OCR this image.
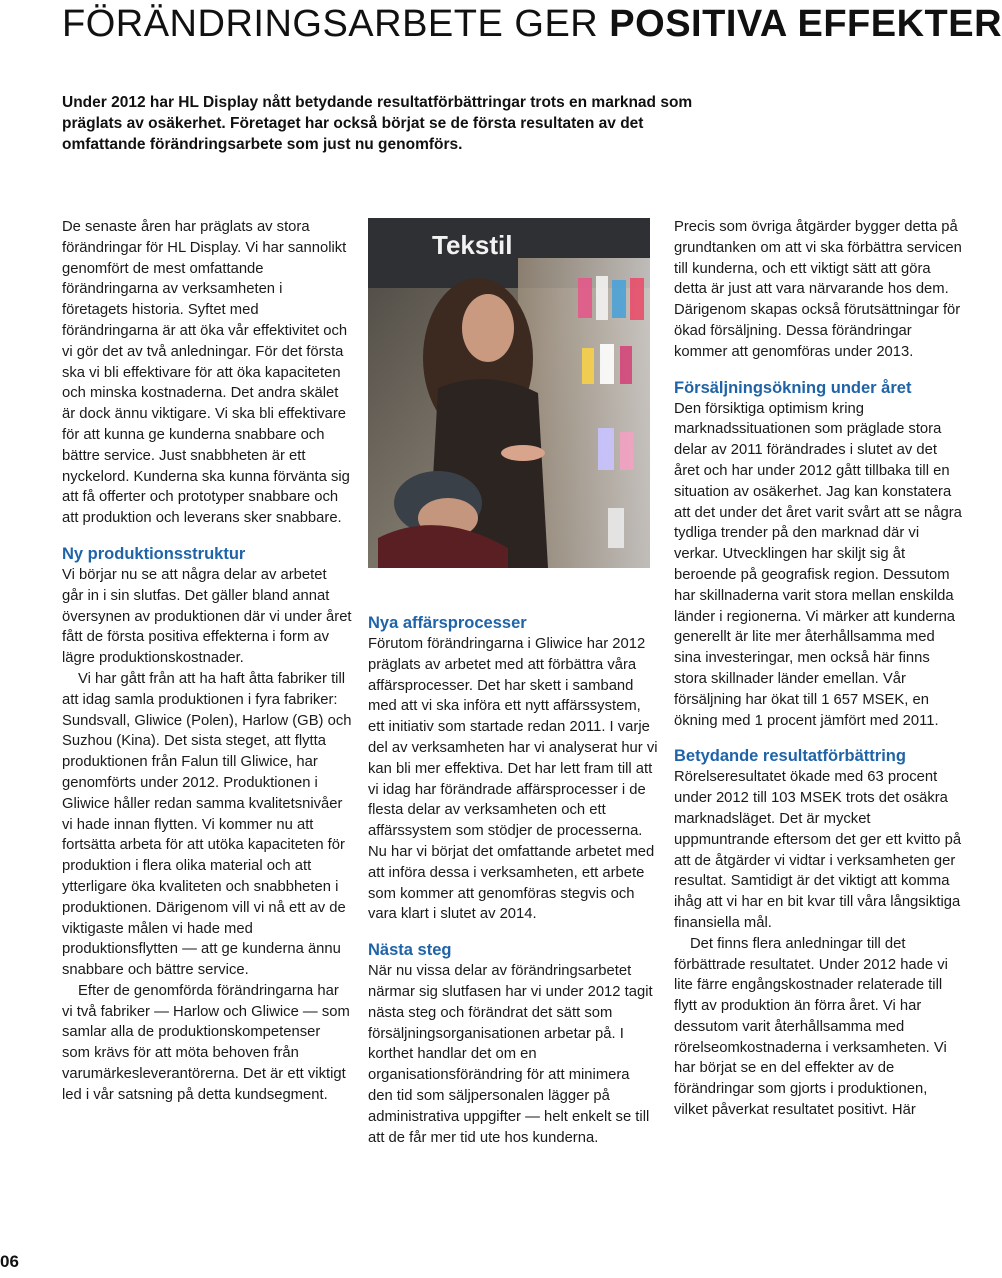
FÖRÄNDRINGSARBETE GER POSITIVA EFFEKTER

Under 2012 har HL Display nått betydande resultatförbättringar trots en marknad som präglats av osäkerhet. Företaget har också börjat se de första resultaten av det omfattande förändringsarbete som just nu genomförs.

De senaste åren har präglats av stora förändringar för HL Display. Vi har sannolikt genomfört de mest omfattande förändringarna av verksamheten i företagets historia. Syftet med förändringarna är att öka vår effektivitet och vi gör det av två anledningar. För det första ska vi bli effektivare för att öka kapaciteten och minska kostnaderna. Det andra skälet är dock ännu viktigare. Vi ska bli effektivare för att kunna ge kunderna snabbare och bättre service. Just snabbheten är ett nyckelord. Kunderna ska kunna förvänta sig att få offerter och prototyper snabbare och att produktion och leverans sker snabbare.

Ny produktionsstruktur

Vi börjar nu se att några delar av arbetet går in i sin slutfas. Det gäller bland annat översynen av produktionen där vi under året fått de första positiva effekterna i form av lägre produktionskostnader.

Vi har gått från att ha haft åtta fabriker till att idag samla produktionen i fyra fabriker: Sundsvall, Gliwice (Polen), Harlow (GB) och Suzhou (Kina). Det sista steget, att flytta produktionen från Falun till Gliwice, har genomförts under 2012. Produktionen i Gliwice håller redan samma kvalitetsnivåer vi hade innan flytten. Vi kommer nu att fortsätta arbeta för att utöka kapaciteten för produktion i flera olika material och att ytterligare öka kvaliteten och snabbheten i produktionen. Därigenom vill vi nå ett av de viktigaste målen vi hade med produktionsflytten — att ge kunderna ännu snabbare och bättre service.

Efter de genomförda förändringarna har vi två fabriker — Harlow och Gliwice — som samlar alla de produktionskompetenser som krävs för att möta behoven från varumärkesleverantörerna. Det är ett viktigt led i vår satsning på detta kundsegment.

Tekstil
Nya affärsprocesser

Förutom förändringarna i Gliwice har 2012 präglats av arbetet med att förbättra våra affärsprocesser. Det har skett i samband med att vi ska införa ett nytt affärssystem, ett initiativ som startade redan 2011. I varje del av verksamheten har vi analyserat hur vi kan bli mer effektiva. Det har lett fram till att vi idag har förändrade affärsprocesser i de flesta delar av verksamheten och ett affärssystem som stödjer de processerna. Nu har vi börjat det omfattande arbetet med att införa dessa i verksamheten, ett arbete som kommer att genomföras stegvis och vara klart i slutet av 2014.

Nästa steg

När nu vissa delar av förändringsarbetet närmar sig slutfasen har vi under 2012 tagit nästa steg och förändrat det sätt som försäljningsorganisationen arbetar på. I korthet handlar det om en organisationsförändring för att minimera den tid som säljpersonalen lägger på administrativa uppgifter — helt enkelt se till att de får mer tid ute hos kunderna.

Precis som övriga åtgärder bygger detta på grundtanken om att vi ska förbättra servicen till kunderna, och ett viktigt sätt att göra detta är just att vara närvarande hos dem. Därigenom skapas också förutsättningar för ökad försäljning. Dessa förändringar kommer att genomföras under 2013.

Försäljningsökning under året

Den försiktiga optimism kring marknadssituationen som präglade stora delar av 2011 förändrades i slutet av det året och har under 2012 gått tillbaka till en situation av osäkerhet. Jag kan konstatera att det under det året varit svårt att se några tydliga trender på den marknad där vi verkar. Utvecklingen har skiljt sig åt beroende på geografisk region. Dessutom har skillnaderna varit stora mellan enskilda länder i regionerna. Vi märker att kunderna generellt är lite mer återhållsamma med sina investeringar, men också här finns stora skillnader länder emellan. Vår försäljning har ökat till 1 657 MSEK, en ökning med 1 procent jämfört med 2011.

Betydande resultatförbättring

Rörelseresultatet ökade med 63 procent under 2012 till 103 MSEK trots det osäkra marknadsläget. Det är mycket uppmuntrande eftersom det ger ett kvitto på att de åtgärder vi vidtar i verksamheten ger resultat. Samtidigt är det viktigt att komma ihåg att vi har en bit kvar till våra långsiktiga finansiella mål.

Det finns flera anledningar till det förbättrade resultatet. Under 2012 hade vi lite färre engångskostnader relaterade till flytt av produktion än förra året. Vi har dessutom varit återhållsamma med rörelseomkostnaderna i verksamheten. Vi har börjat se en del effekter av de förändringar som gjorts i produktionen, vilket påverkat resultatet positivt. Här

06
